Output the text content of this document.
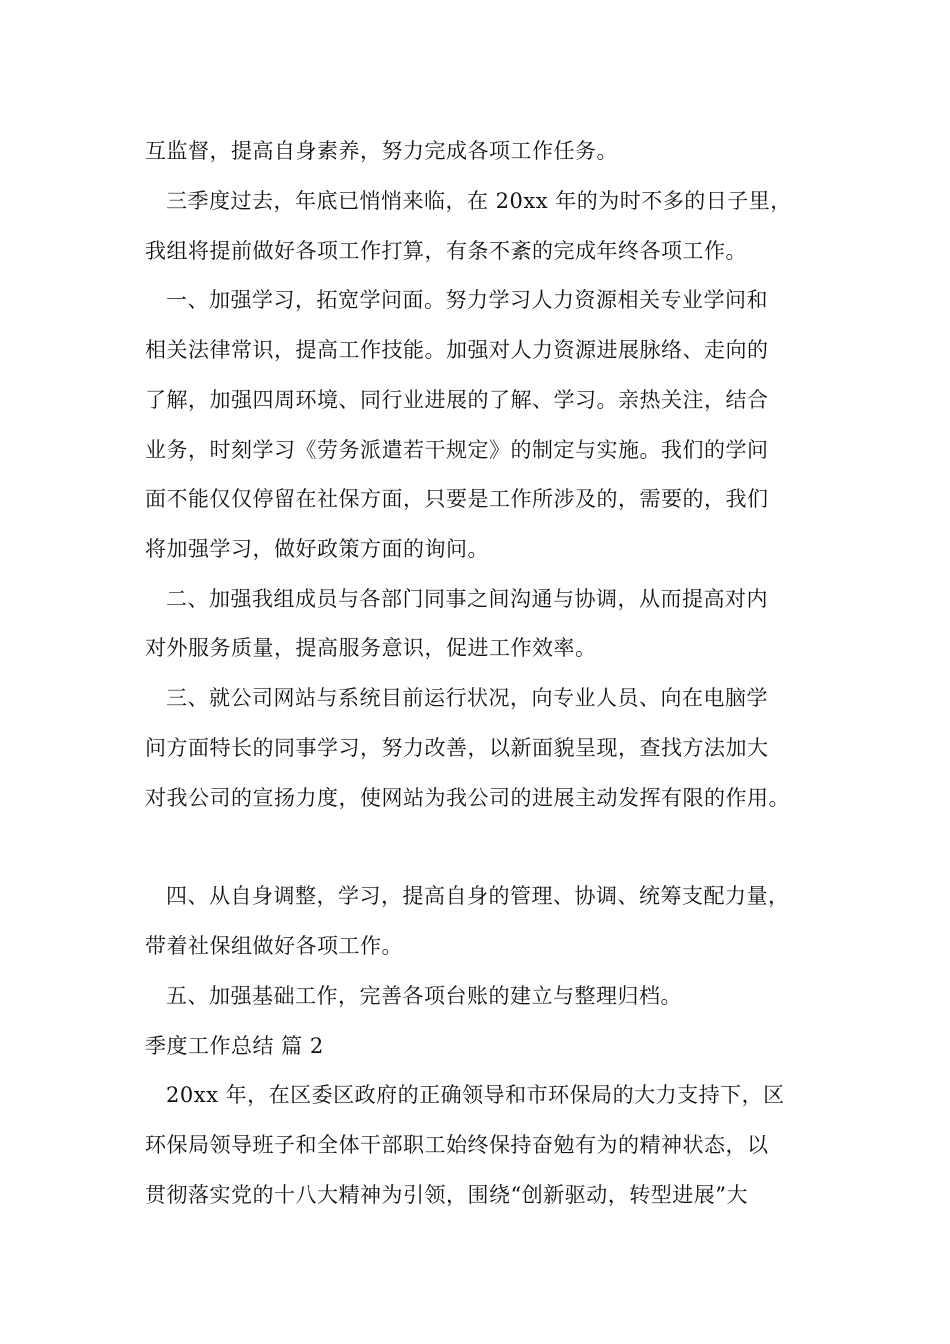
互监督，提高自身素养，努力完成各项工作任务。
三季度过去，年底已悄悄来临，在 20xx 年的为时不多的日子里，
我组将提前做好各项工作打算，有条不紊的完成年终各项工作。
一、加强学习，拓宽学问面。努力学习人力资源相关专业学问和
相关法律常识，提高工作技能。加强对人力资源进展脉络、走向的
了解，加强四周环境、同行业进展的了解、学习。亲热关注，结合
业务，时刻学习《劳务派遣若干规定》的制定与实施。我们的学问
面不能仅仅停留在社保方面，只要是工作所涉及的，需要的，我们
将加强学习，做好政策方面的询问。
二、加强我组成员与各部门同事之间沟通与协调，从而提高对内
对外服务质量，提高服务意识，促进工作效率。
三、就公司网站与系统目前运行状况，向专业人员、向在电脑学
问方面特长的同事学习，努力改善，以新面貌呈现，查找方法加大
对我公司的宣扬力度，使网站为我公司的进展主动发挥有限的作用。
四、从自身调整，学习，提高自身的管理、协调、统筹支配力量，
带着社保组做好各项工作。
五、加强基础工作，完善各项台账的建立与整理归档。
季度工作总结 篇 2
20xx 年，在区委区政府的正确领导和市环保局的大力支持下，区
环保局领导班子和全体干部职工始终保持奋勉有为的精神状态，以
贯彻落实党的十八大精神为引领，围绕“创新驱动，转型进展”大
